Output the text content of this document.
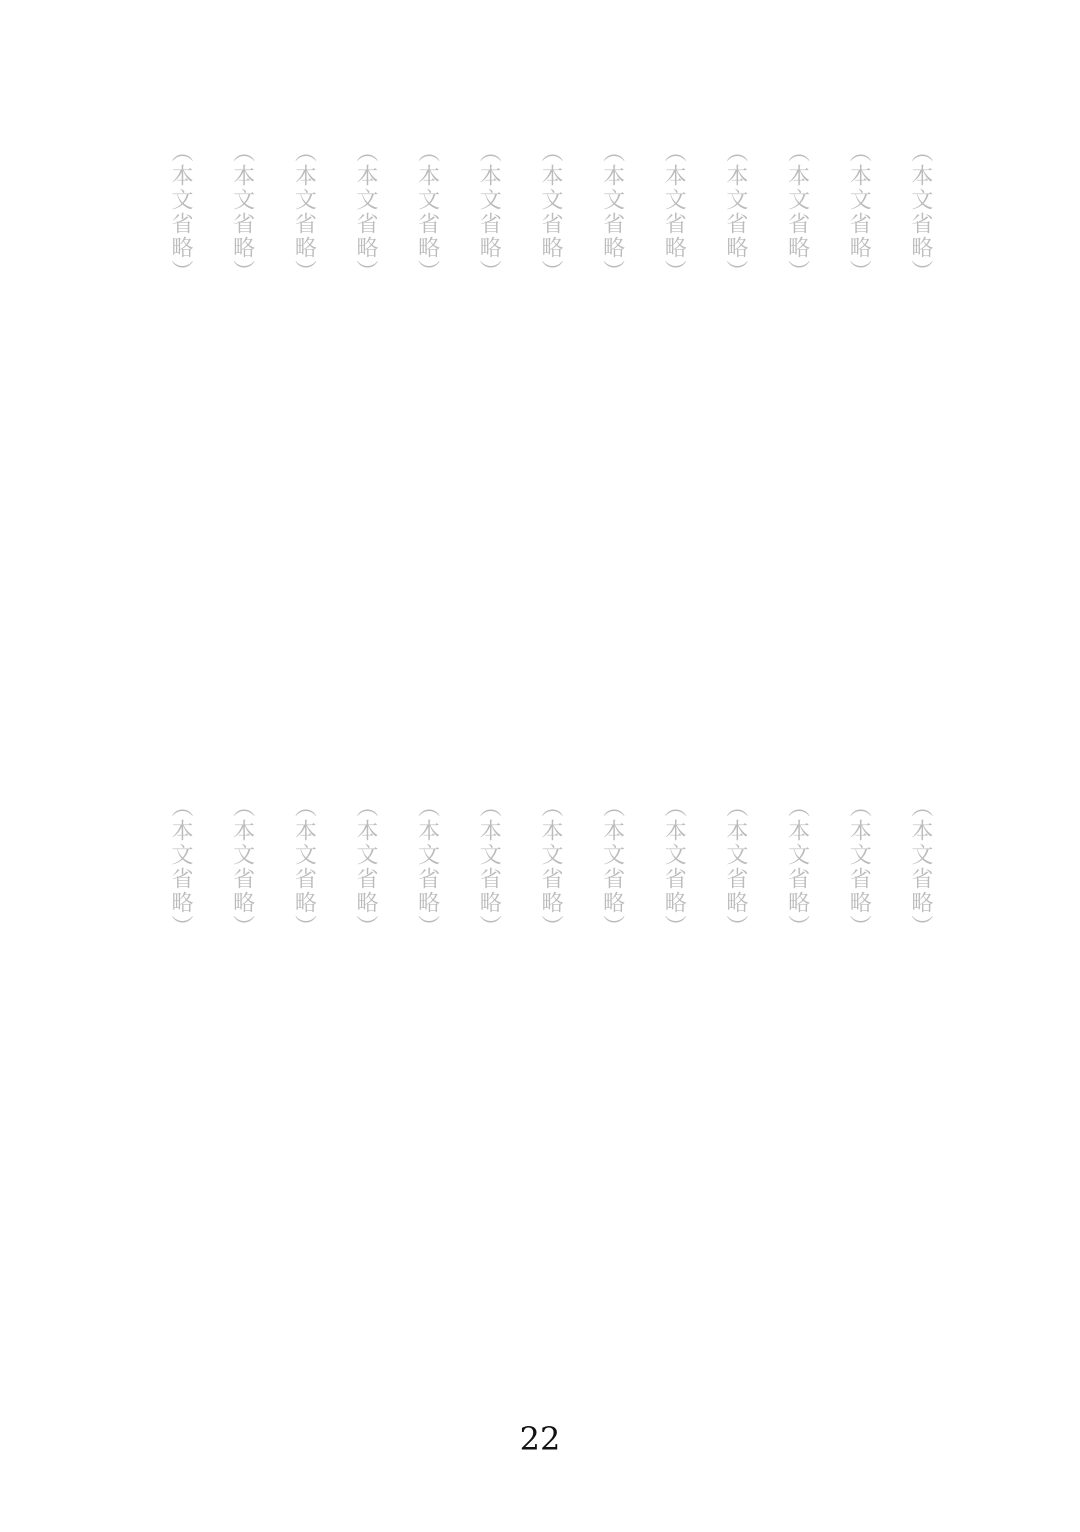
（本文省略）
（本文省略）
（本文省略）
（本文省略）
（本文省略）
（本文省略）
（本文省略）
（本文省略）
（本文省略）
（本文省略）
（本文省略）
（本文省略）
（本文省略）
（本文省略）
（本文省略）
（本文省略）
（本文省略）
（本文省略）
（本文省略）
（本文省略）
（本文省略）
（本文省略）
（本文省略）
（本文省略）
（本文省略）
（本文省略）
22
